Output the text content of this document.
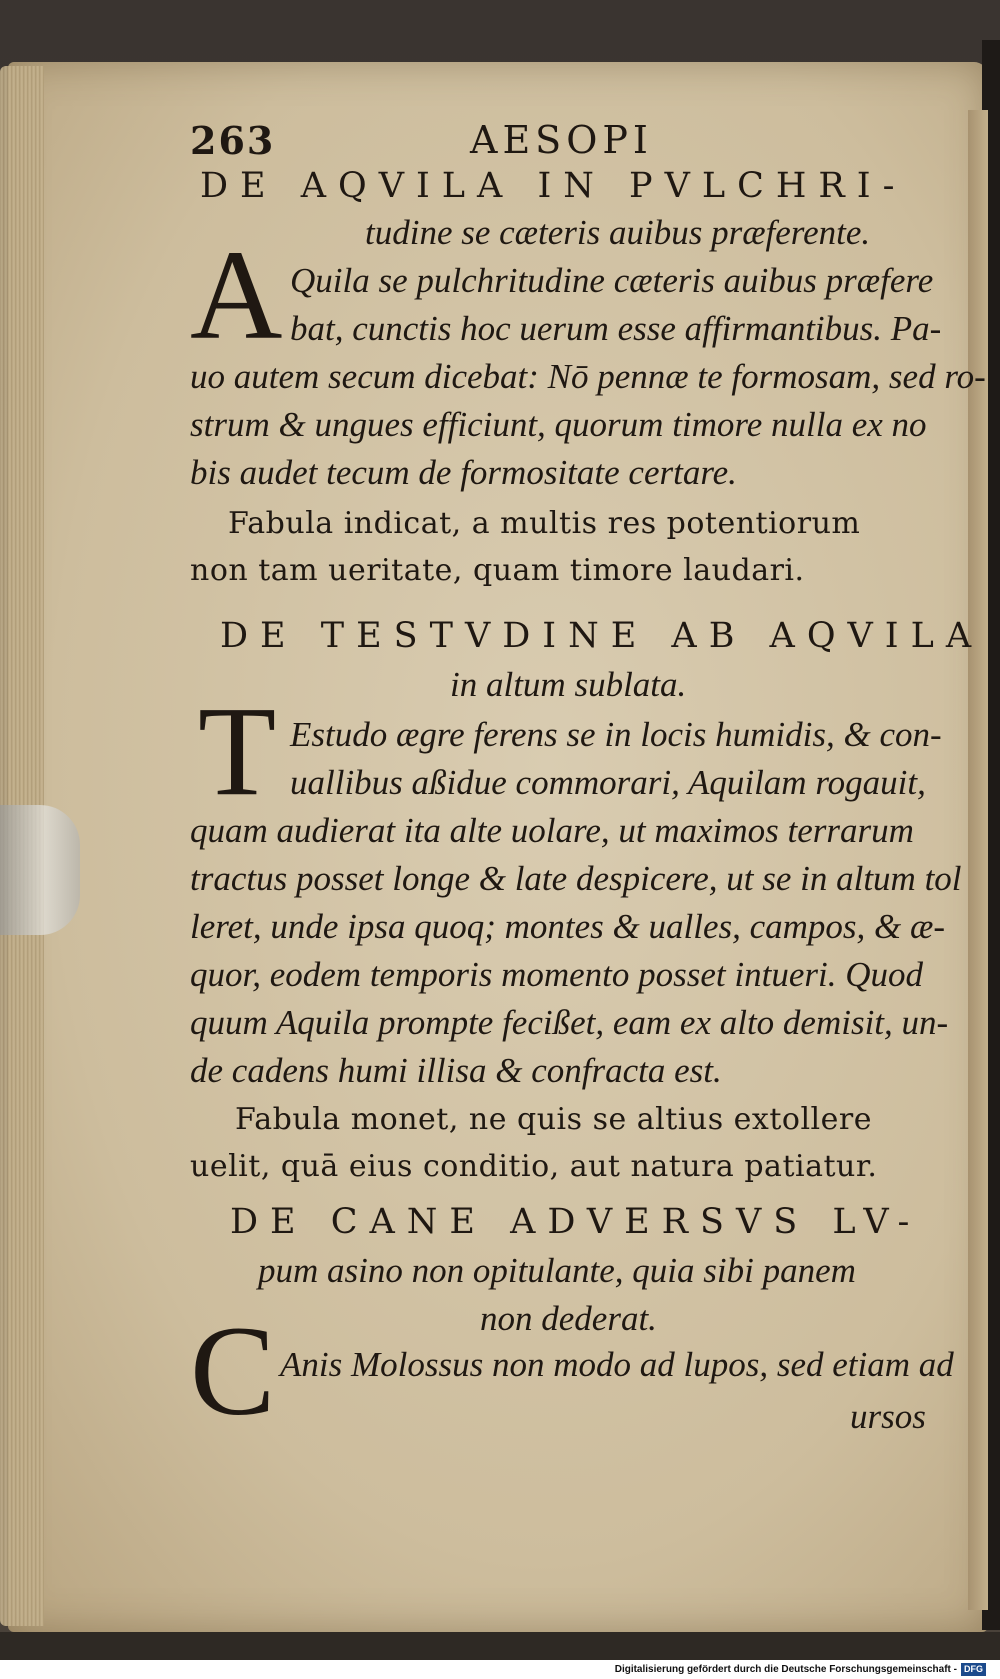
263	AESOPI
DE AQVILA IN PVLCHRI-
tudine se cæteris auibus præferente.
A Quila se pulchritudine cæteris auibus præfere
bat, cunctis hoc uerum esse affirmantibus. Pa-
uo autem secum dicebat: Nō pennæ te formosam, sed ro-
strum & ungues efficiunt, quorum timore nulla ex no
bis audet tecum de formositate certare.
Fabula indicat, a multis res potentiorum
non tam ueritate, quam timore laudari.
DE TESTVDINE AB AQVILA
in altum sublata.
T Estudo ægre ferens se in locis humidis, & con-
uallibus aßidue commorari, Aquilam rogauit,
quam audierat ita alte uolare, ut maximos terrarum
tractus posset longe & late despicere, ut se in altum tol
leret, unde ipsa quoq; montes & ualles, campos, & æ-
quor, eodem temporis momento posset intueri. Quod
quum Aquila prompte fecißet, eam ex alto demisit, un-
de cadens humi illisa & confracta est.
Fabula monet, ne quis se altius extollere
uelit, quā eius conditio, aut natura patiatur.
DE CANE ADVERSVS LV-
pum asino non opitulante, quia sibi panem
non dederat.
C Anis Molossus non modo ad lupos, sed etiam ad
ursos
Digitalisierung gefördert durch die Deutsche Forschungsgemeinschaft - DFG
